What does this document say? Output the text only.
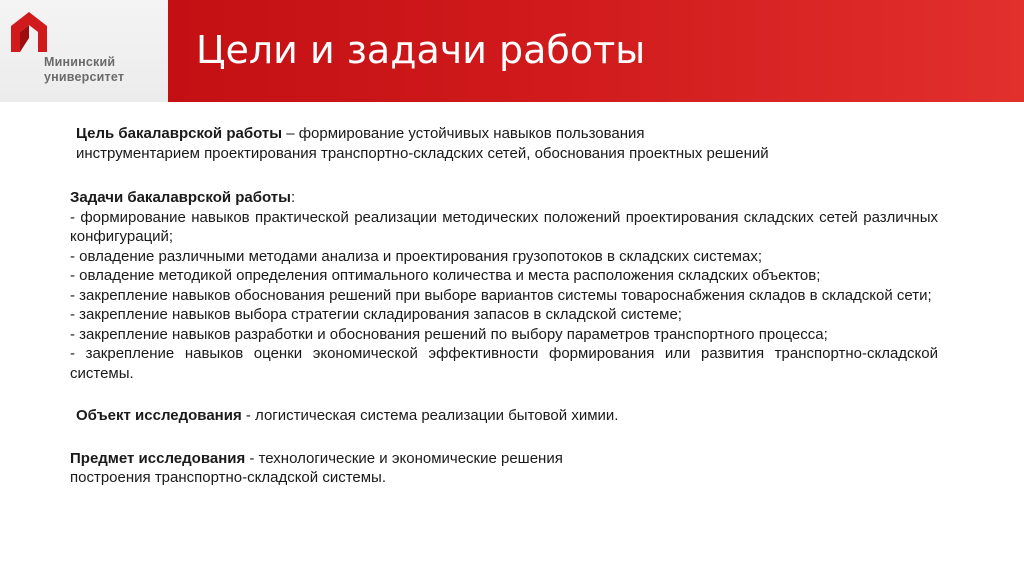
Мининский
университет
Цели и задачи работы
Цель бакалаврской работы – формирование устойчивых навыков пользования
инструментарием проектирования транспортно-складских сетей, обоснования проектных решений
Задачи бакалаврской работы:
- формирование навыков практической реализации методических положений проектирования складских сетей различных конфигураций;
- овладение различными методами анализа и проектирования грузопотоков в складских системах;
- овладение методикой определения оптимального количества и места расположения складских объектов;
- закрепление навыков обоснования решений при выборе вариантов системы товароснабжения складов в складской сети;
- закрепление навыков выбора стратегии складирования запасов в складской системе;
- закрепление навыков разработки и обоснования решений по выбору параметров транспортного процесса;
- закрепление навыков оценки экономической эффективности формирования или развития транспортно-складской системы.
Объект исследования - логистическая система реализации бытовой химии.
Предмет исследования - технологические и экономические решения
построения транспортно-складской системы.
